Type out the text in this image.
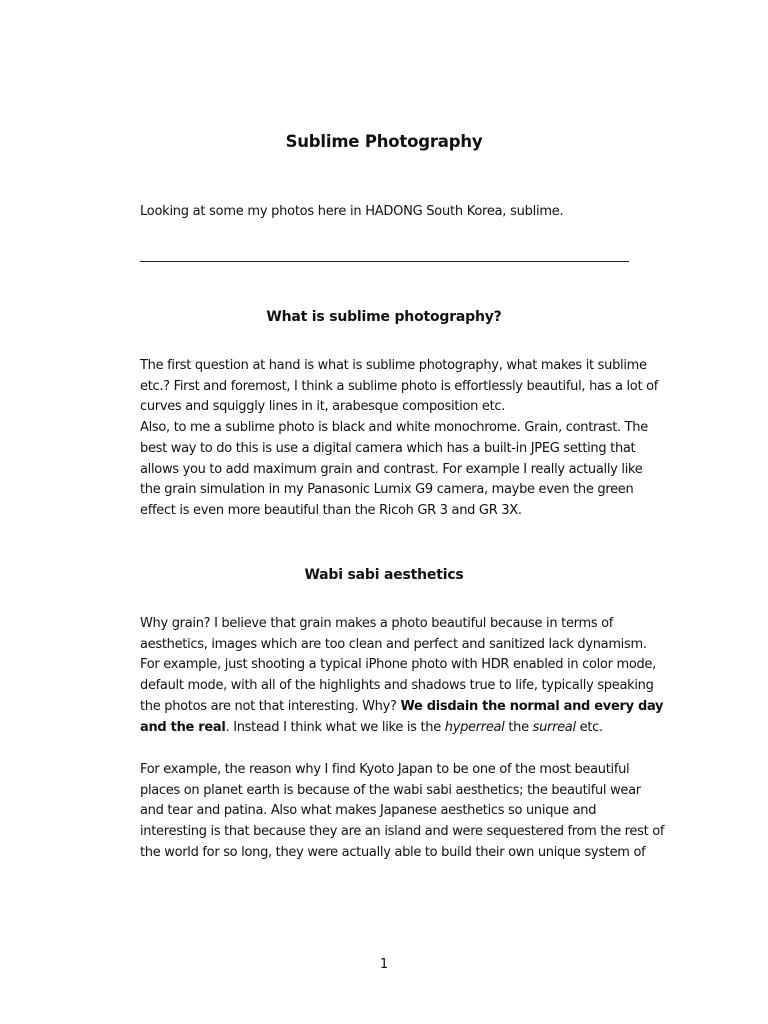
Sublime Photography
Looking at some my photos here in HADONG South Korea, sublime.
What is sublime photography?

The first question at hand is what is sublime photography, what makes it sublime
etc.? First and foremost, I think a sublime photo is effortlessly beautiful, has a lot of
curves and squiggly lines in it, arabesque composition etc.
Also, to me a sublime photo is black and white monochrome. Grain, contrast. The
best way to do this is use a digital camera which has a built-in JPEG setting that
allows you to add maximum grain and contrast. For example I really actually like
the grain simulation in my Panasonic Lumix G9 camera, maybe even the green
effect is even more beautiful than the Ricoh GR 3 and GR 3X.

Wabi sabi aesthetics

Why grain? I believe that grain makes a photo beautiful because in terms of
aesthetics, images which are too clean and perfect and sanitized lack dynamism.
For example, just shooting a typical iPhone photo with HDR enabled in color mode,
default mode, with all of the highlights and shadows true to life, typically speaking
the photos are not that interesting. Why? We disdain the normal and every day
and the real. Instead I think what we like is the hyperreal the surreal etc.

For example, the reason why I find Kyoto Japan to be one of the most beautiful
places on planet earth is because of the wabi sabi aesthetics; the beautiful wear
and tear and patina. Also what makes Japanese aesthetics so unique and
interesting is that because they are an island and were sequestered from the rest of
the world for so long, they were actually able to build their own unique system of

1
